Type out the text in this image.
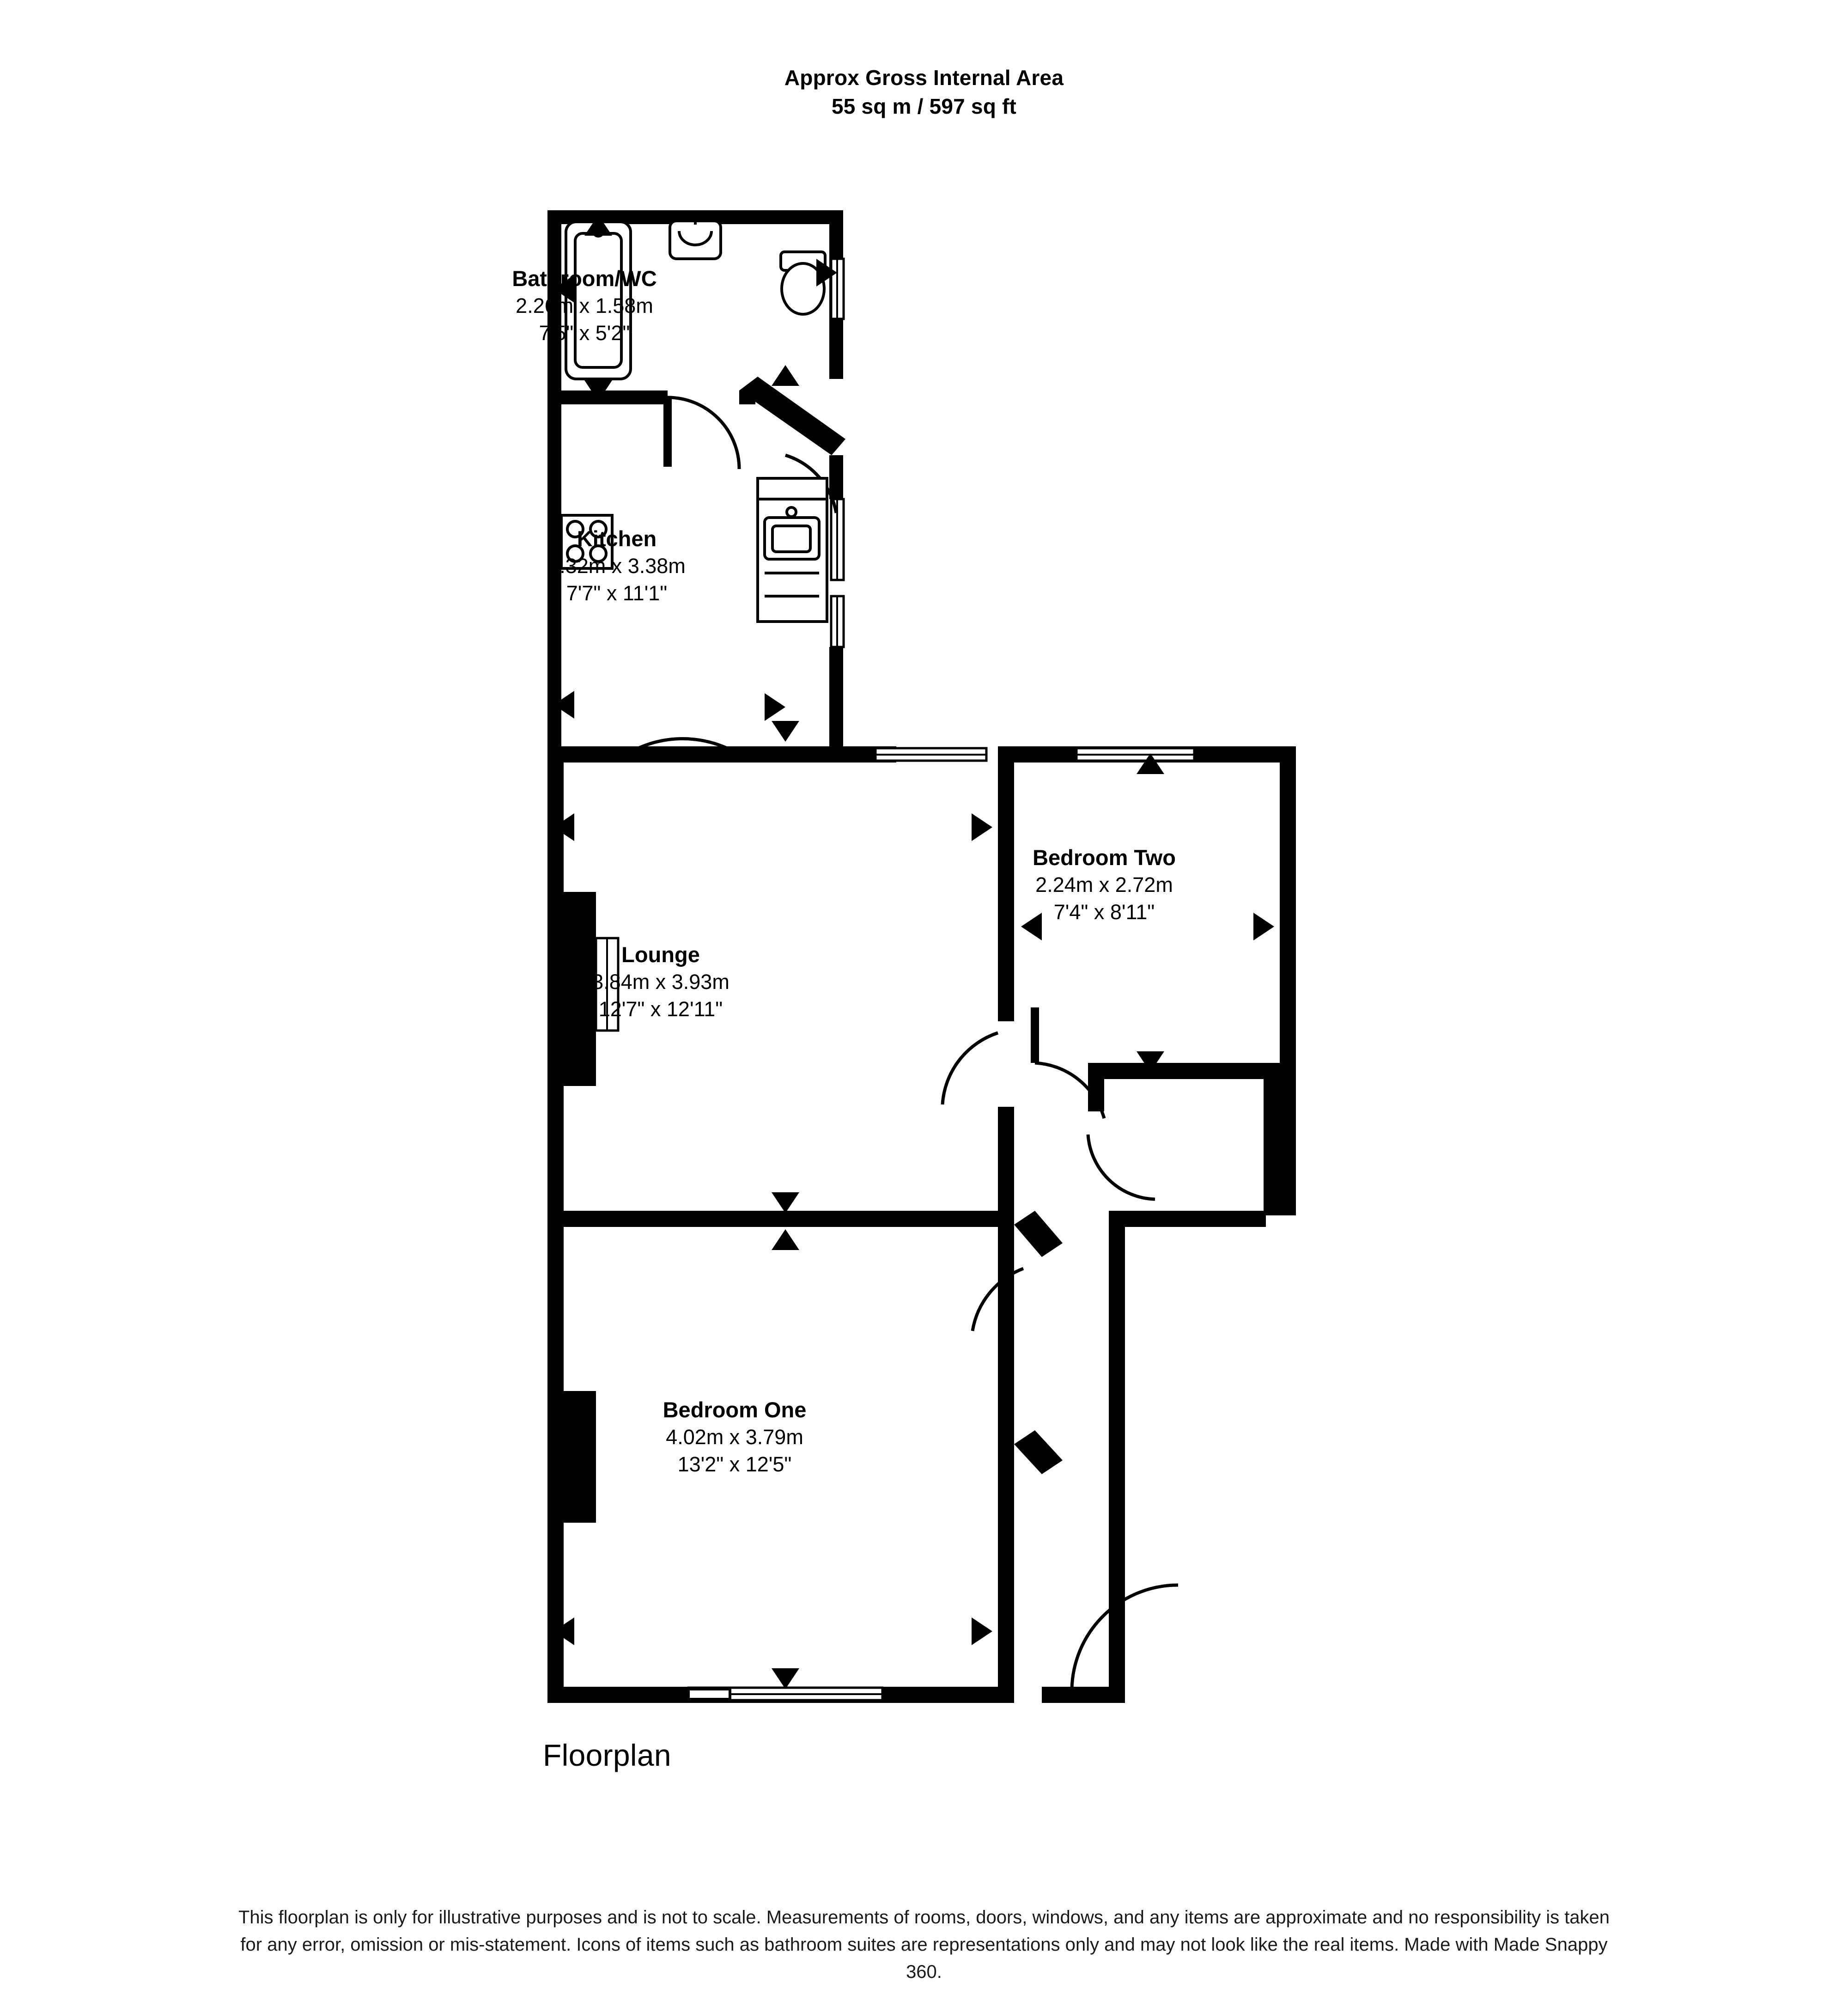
Approx Gross Internal Area
55 sq m / 597 sq ft
Bathroom/WC
2.26m x 1.58m
7'5" x 5'2"
Kitchen
2.32m x 3.38m
7'7" x 11'1"
Lounge
3.84m x 3.93m
12'7" x 12'11"
Bedroom Two
2.24m x 2.72m
7'4" x 8'11"
Bedroom One
4.02m x 3.79m
13'2" x 12'5"
Floorplan
This floorplan is only for illustrative purposes and is not to scale. Measurements of rooms, doors, windows, and any items are approximate and no responsibility is taken for any error, omission or mis-statement. Icons of items such as bathroom suites are representations only and may not look like the real items. Made with Made Snappy 360.
